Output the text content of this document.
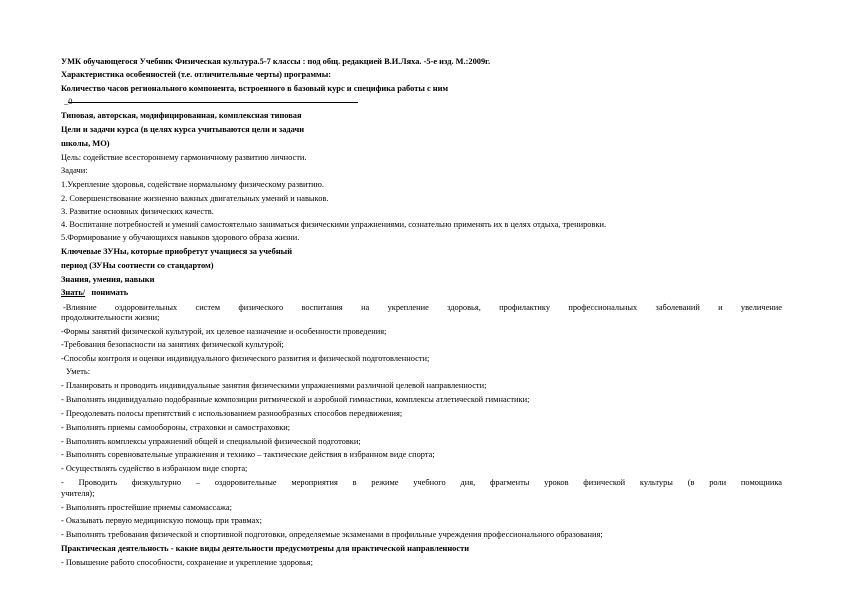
УМК обучающегося Учебник Физическая культура.5-7 классы : под общ. редакцией В.И.Ляха. -5-е изд. М.:2009г.
Характеристика особенностей (т.е. отличительные черты) программы:
Количество часов регионального компонента, встроенного в базовый курс и специфика работы с ним
_0
Типовая, авторская, модифицированная, комплексная типовая
Цели и задачи курса (в целях курса учитываются цели и задачи
школы, МО)
Цель: содействие всестороннему гармоничному развитию личности.
Задачи:
1.Укрепление здоровья, содействие нормальному физическому развитию.
2. Совершенствование жизненно важных двигательных умений и навыков.
3. Развитие основных физических качеств.
4. Воспитание потребностей и умений самостоятельно заниматься физическими упражнениями, сознательно применять их в целях отдыха, тренировки.
5.Формирование у обучающихся навыков здорового образа жизни.
Ключевые ЗУНы, которые приобретут учащиеся за учебный
период (ЗУНы соотнести со стандартом)
Знания, умения, навыки
Знать/ понимать
-Влияние оздоровительных систем физического воспитания на укрепление здоровья, профилактику профессиональных заболеваний и увеличение
продолжительности жизни;
-Формы занятий физической культурой, их целевое назначение и особенности проведения;
-Требования безопасности на занятиях физической культурой;
-Способы контроля и оценки индивидуального физического развития и физической подготовленности;
Уметь:
- Планировать и проводить индивидуальные занятия физическими упражнениями различной целевой направленности;
- Выполнять индивидуально подобранные композиции ритмической и аэробной гимнастики, комплексы атлетической гимнастики;
- Преодолевать полосы препятствий с использованием разнообразных способов передвижения;
- Выполнять приемы самообороны, страховки и самостраховки;
- Выполнять комплексы упражнений общей и специальной физической подготовки;
- Выполнять соревновательные упражнения и технико – тактические действия в избранном виде спорта;
- Осуществлять судейство в избранном виде спорта;
- Проводить физкультурно – оздоровительные мероприятия в режиме учебного дня, фрагменты уроков физической культуры (в роли помощника
учителя);
- Выполнять простейшие приемы самомассажа;
- Оказывать первую медицинскую помощь при травмах;
- Выполнять требования физической и спортивной подготовки, определяемые экзаменами в профильные учреждения профессионального образования;
Практическая деятельность - какие виды деятельности предусмотрены для практической направленности
- Повышение работо способности, сохранение и укрепление здоровья;
